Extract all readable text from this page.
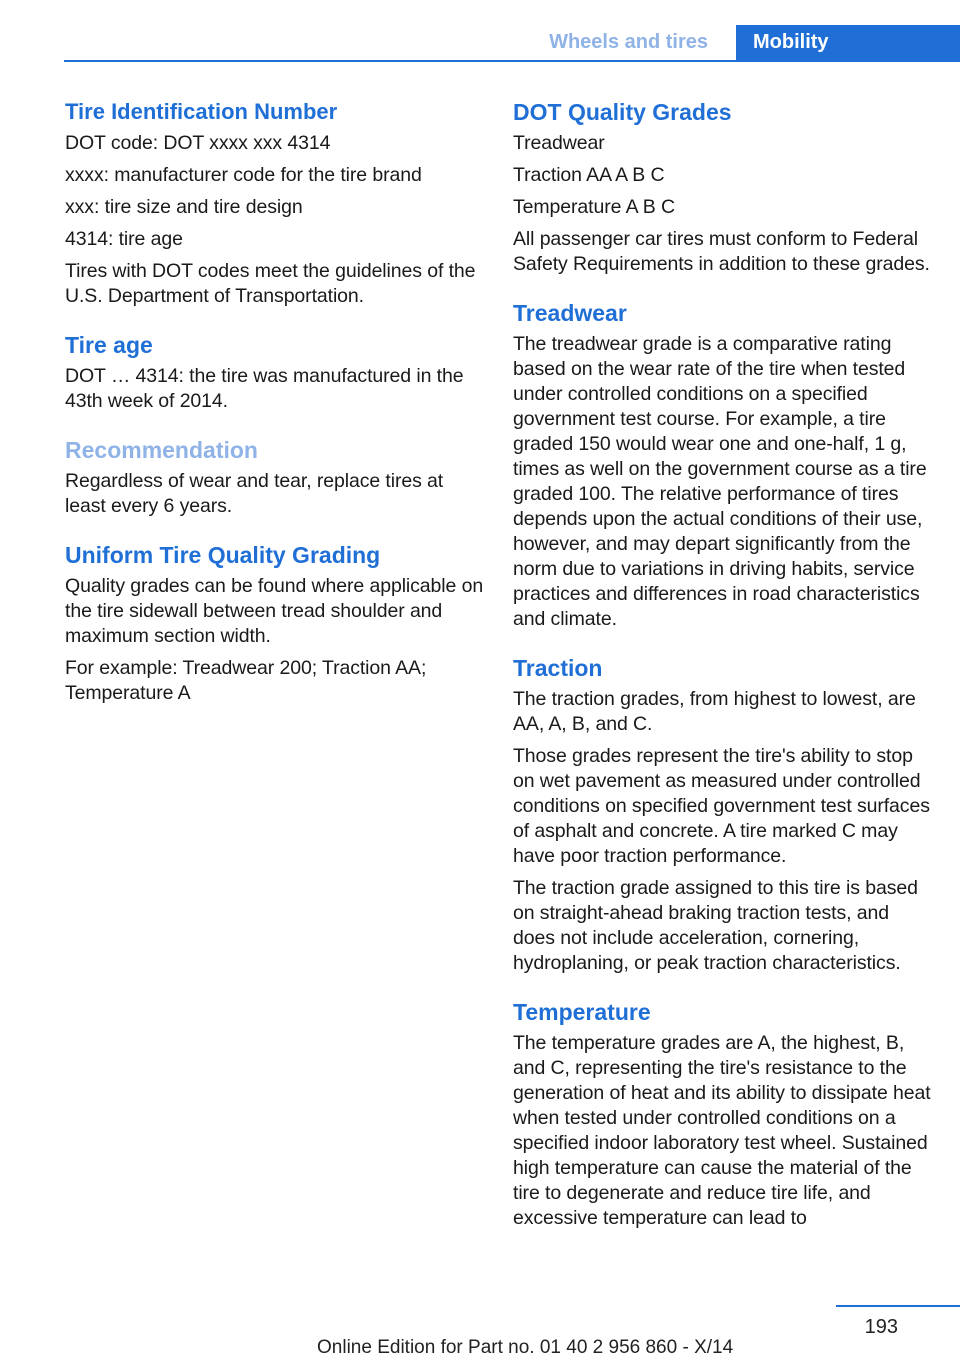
Wheels and tires	Mobility
Tire Identification Number

DOT code: DOT xxxx xxx 4314

xxxx: manufacturer code for the tire brand

xxx: tire size and tire design

4314: tire age

Tires with DOT codes meet the guidelines of the U.S. Department of Transportation.

Tire age

DOT … 4314: the tire was manufactured in the 43th week of 2014.

Recommendation

Regardless of wear and tear, replace tires at least every 6 years.

Uniform Tire Quality Grading

Quality grades can be found where applicable on the tire sidewall between tread shoulder and maximum section width.

For example: Treadwear 200; Traction AA; Temperature A

DOT Quality Grades

Treadwear

Traction AA A B C

Temperature A B C

All passenger car tires must conform to Federal Safety Requirements in addition to these grades.

Treadwear

The treadwear grade is a comparative rating based on the wear rate of the tire when tested under controlled conditions on a specified government test course. For example, a tire graded 150 would wear one and one-half, 1 g, times as well on the government course as a tire graded 100. The relative performance of tires depends upon the actual conditions of their use, however, and may depart significantly from the norm due to variations in driving habits, service practices and differences in road characteristics and climate.

Traction

The traction grades, from highest to lowest, are AA, A, B, and C.

Those grades represent the tire's ability to stop on wet pavement as measured under controlled conditions on specified government test surfaces of asphalt and concrete. A tire marked C may have poor traction performance.

The traction grade assigned to this tire is based on straight-ahead braking traction tests, and does not include acceleration, cornering, hydroplaning, or peak traction characteristics.

Temperature

The temperature grades are A, the highest, B, and C, representing the tire's resistance to the generation of heat and its ability to dissipate heat when tested under controlled conditions on a specified indoor laboratory test wheel. Sustained high temperature can cause the material of the tire to degenerate and reduce tire life, and excessive temperature can lead to

193
Online Edition for Part no. 01 40 2 956 860 - X/14
